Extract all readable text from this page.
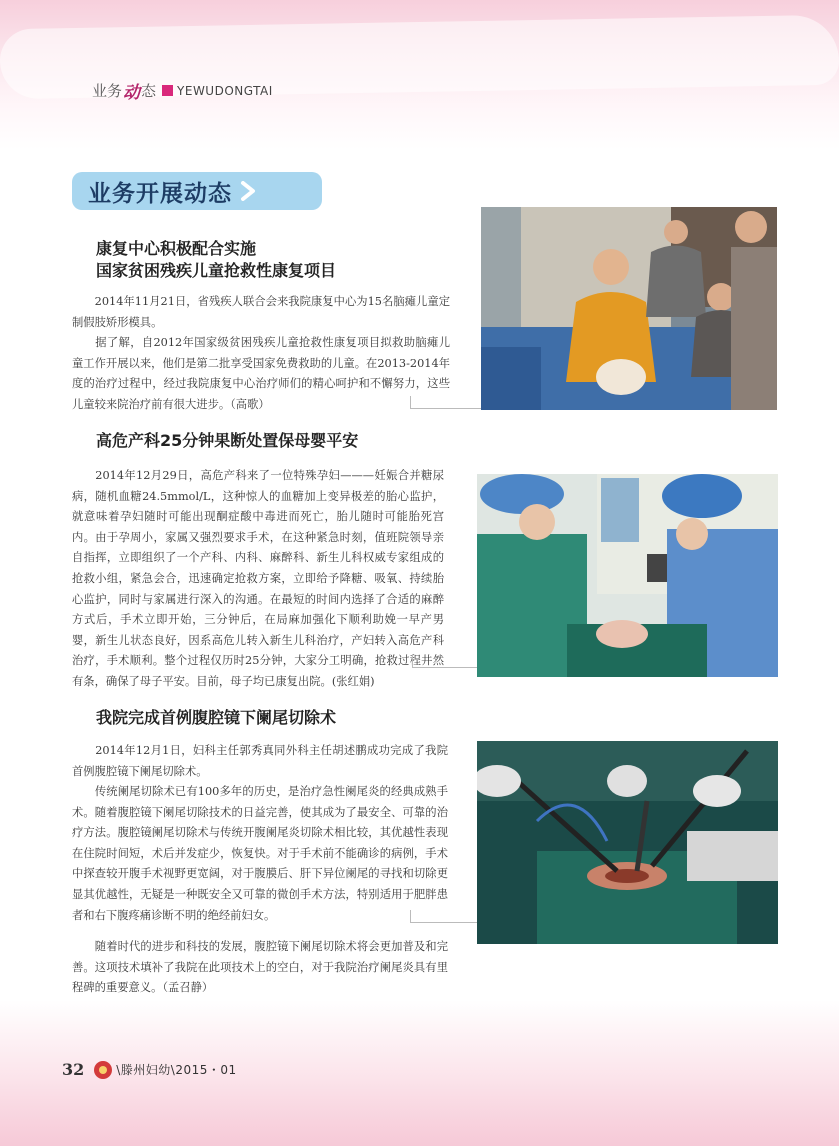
业务 动 态 YEWUDONGTAI
业务开展动态
康复中心积极配合实施
国家贫困残疾儿童抢救性康复项目

　　2014年11月21日，省残疾人联合会来我院康复中心为15名脑瘫儿童定制假肢矫形模具。

　　据了解，自2012年国家级贫困残疾儿童抢救性康复项目拟救助脑瘫儿童工作开展以来，他们是第二批享受国家免费救助的儿童。在2013-2014年度的治疗过程中，经过我院康复中心治疗师们的精心呵护和不懈努力，这些儿童较来院治疗前有很大进步。（高歌）

高危产科25分钟果断处置保母婴平安

　　2014年12月29日，高危产科来了一位特殊孕妇———妊娠合并糖尿病，随机血糖24.5mmol/L，这种惊人的血糖加上变异极差的胎心监护，就意味着孕妇随时可能出现酮症酸中毒进而死亡，胎儿随时可能胎死宫内。由于孕周小，家属又强烈要求手术，在这种紧急时刻，值班院领导亲自指挥，立即组织了一个产科、内科、麻醉科、新生儿科权威专家组成的抢救小组，紧急会合，迅速确定抢救方案，立即给予降糖、吸氧、持续胎心监护，同时与家属进行深入的沟通。在最短的时间内选择了合适的麻醉方式后，手术立即开始，三分钟后，在局麻加强化下顺利助娩一早产男婴，新生儿状态良好，因系高危儿转入新生儿科治疗，产妇转入高危产科治疗，手术顺利。整个过程仅历时25分钟，大家分工明确，抢救过程井然有条，确保了母子平安。目前，母子均已康复出院。(张红娟)

我院完成首例腹腔镜下阑尾切除术

　　2014年12月1日，妇科主任郭秀真同外科主任胡述鹏成功完成了我院首例腹腔镜下阑尾切除术。

　　传统阑尾切除术已有100多年的历史，是治疗急性阑尾炎的经典成熟手术。随着腹腔镜下阑尾切除技术的日益完善，使其成为了最安全、可靠的治疗方法。腹腔镜阑尾切除术与传统开腹阑尾炎切除术相比较，其优越性表现在住院时间短，术后并发症少，恢复快。对于手术前不能确诊的病例，手术中探查较开腹手术视野更宽阔，对于腹膜后、肝下异位阑尾的寻找和切除更显其优越性，无疑是一种既安全又可靠的微创手术方法，特别适用于肥胖患者和右下腹疼痛诊断不明的绝经前妇女。

　　随着时代的进步和科技的发展，腹腔镜下阑尾切除术将会更加普及和完善。这项技术填补了我院在此项技术上的空白，对于我院治疗阑尾炎具有里程碑的重要意义。（孟召静）

32	\滕州妇幼\2015・01
